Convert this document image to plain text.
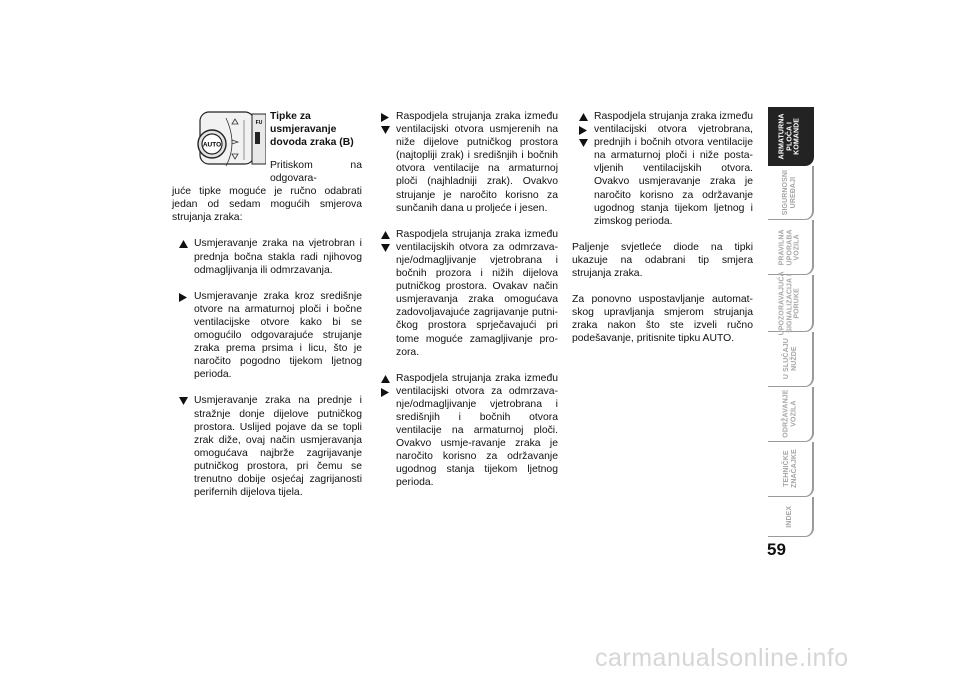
AUTO
FU
Tipke za usmjeravanje dovoda zraka (B)
Pritiskom na odgovara-
juće tipke moguće je ručno odabrati jedan od sedam mogućih smjerova strujanja zraka:
Usmjeravanje zraka na vjetrobran i prednja bočna stakla radi njihovog odmagljivanja ili odmrzavanja.
Usmjeravanje zraka kroz središnje otvore na armaturnoj ploči i bočne ventilacijske otvore kako bi se omogućilo odgovarajuće strujanje zraka prema prsima i licu, što je naročito pogodno tijekom ljetnog perioda.
Usmjeravanje zraka na prednje i stražnje donje dijelove putničkog prostora. Uslijed pojave da se topli zrak diže, ovaj način usmjeravanja omogućava najbrže zagrijavanje putničkog prostora, pri čemu se trenutno dobije osjećaj zagrijanosti perifernih dijelova tijela.
Raspodjela strujanja zraka između ventilacijski otvora usmjerenih na niže dijelove putničkog prostora (najtopliji zrak) i središnjih i bočnih otvora ventilacije na armaturnoj ploči (najhladniji zrak). Ovakvo strujanje je naročito korisno za sunčanih dana u proljeće i jesen.
Raspodjela strujanja zraka između ventilacijskih otvora za odmrzava-nje/odmagljivanje vjetrobrana i bočnih prozora i nižih dijelova putničkog prostora. Ovakav način usmjeravanja zraka omogućava zadovoljavajuće zagrijavanje putni-čkog prostora sprječavajući pri tome moguće zamagljivanje pro-zora.
Raspodjela strujanja zraka između ventilacijski otvora za odmrzava-nje/odmagljivanje vjetrobrana i središnjih i bočnih otvora ventilacije na armaturnoj ploči. Ovakvo usmje-ravanje zraka je naročito korisno za održavanje ugodnog stanja tijekom ljetnog perioda.
Raspodjela strujanja zraka između ventilacijski otvora vjetrobrana, prednjih i bočnih otvora ventilacije na armaturnoj ploči i niže posta-vljenih ventilacijskih otvora. Ovakvo usmjeravanje zraka je naročito korisno za održavanje ugodnog stanja tijekom ljetnog i zimskog perioda.

Paljenje svjetleće diode na tipki ukazuje na odabrani tip smjera strujanja zraka.

Za ponovno uspostavljanje automat-skog upravljanja smjerom strujanja zraka nakon što ste izveli ručno podešavanje, pritisnite tipku AUTO.

ARMATURNA
PLOČA I
KOMANDE
SIGURNOSNI
UREĐAJI
PRAVILNA
UPORABA
VOZILA
UPOZORAVAJUĆA
SIGNALIZACIJA I
PORUKE
U SLUČAJU
NUŽDE
ODRŽAVANJE
VOZILA
TEHNIČKE
ZNAČAJKE
INDEX
59
carmanualsonline.info
